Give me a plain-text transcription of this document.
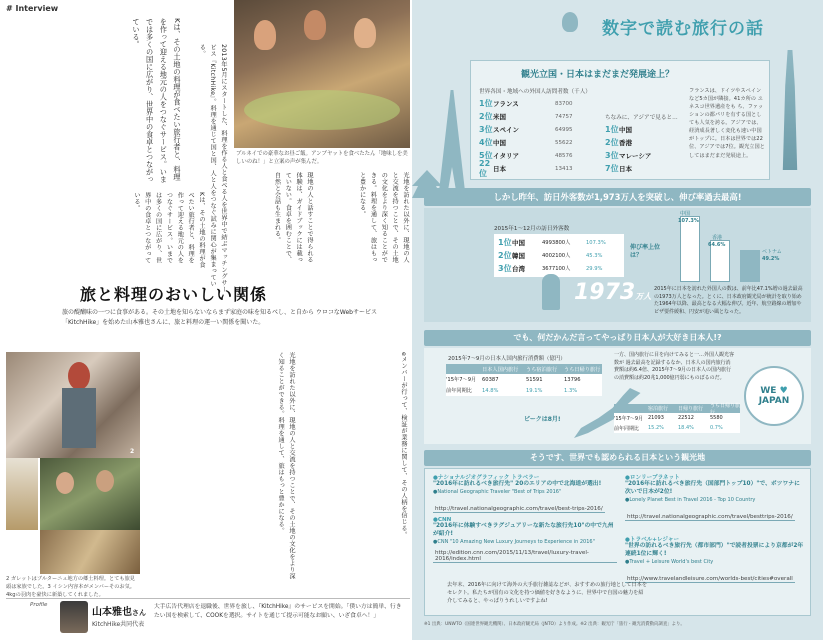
# Interview
2013年5月にスタートした、料理を作る人と食べる人を世界中で結ぶマッチングサービス『KitchHike』。料理を通じて国と国、人と人をつなぐ試みに関心が集まっている。
Kは、その土地の料理が食べたい旅行者と、料理を作って迎える地元の人をつなぐサービス。いまでは多くの国に広がり、世界中の食卓とつながっている。
ブルネイでの豪華なお昼ご飯。アンブヤットを食べたたん「地味しを美しいのね！」と立案の声が集んだ。
光地を訪れた以外に、現地の人と交流を持つことで、その土地の文化をより深く知ることができる。料理を通して、旅はもっと豊かになる。
現地の人と話すことで得られる体験は、ガイドブックには載っていない。食卓を囲むことで、自然と会話も生まれる。
Kは、その土地の料理が食べたい旅行者と、料理を作って迎える地元の人をつなぐサービス。いまでは多くの国に広がり、世界中の食卓とつながっている。
旅と料理のおいしい関係
旅の醍醐味の一つに食事がある。その土地を知らないならまず家庭の味を知るべし、と自から ウロコなWebサービス「KitchHike」を始めた山本雅也さんに、旅と料理の運一い関係を聞いた。
2
2 ガレットはブルターニュ地方の郷土料理。とても旅見頭は家族でした。3 イシン内容本がメンバーそのお気。4kgの羽肉を豪快に新築してくれました。
eメンバーが行って、検証が業務に関して、その人柄を信じる。
光地を訪れた以外に、現地の人と交流を持つことで、その土地の文化をより深く知ることができる。料理を通して、旅はもっと豊かになる。
Profile
山本雅也さん
KitchHike共同代表
大手広告代理店を退職後、世界を旅し、『KitchHike』のサービスを開始。「僕い方は簡単、行きたい国を検索して、COOKを選択。サイトを通じて提示可能なお願い、いざ食卓へ！」
数字で読む旅行の話
観光立国・日本はまだまだ発展途上？
世界各国・地域への外国人訪問者数（千人）
1位 フランス	83700
2位 米国	74757
3位 スペイン	64995
4位 中国	55622
5位 イタリア	48576
22位 日本	13413
ちなみに、アジアで見ると…
1位 中国
2位 香港
3位 マレーシア
7位 日本
フランスは、ドイツやスペインなど5カ国が隣接。41カ所の ユネスコ世界遺産をも ち、ファッションの都パリを有する国としても人気を誇る。アジアでは、経済成長著しく変化も速い中国がトップに。日本は世界では22位、アジアでは7位。観光立国としてはまだまだ発展途上。
しかし昨年、訪日外客数が1,973万人を突破し、伸び率過去最高!
2015年1〜12月の訪日外客数
1位 中国	4993800人	107.3%
2位 韓国	4002100人	45.3%
3位 台湾	3677100人	29.9%
伸び率上位は？
中国
107.3%
香港
64.6%
ベトナム
49.2%
1973万人
2015年に日本を訪れた外国人の数は、前年比47.1%増の過去最高の1973万人となった。とくに、日本政府観光局が統計を取り始めた1964年以降、最高となる大幅な伸び。近年、航空路線の増加やビザ要件緩和、円安が追い風となった。
でも、何だかんだ言ってやっぱり日本人が大好き日本人!?
2015年7〜9月の日本人国内旅行消費額（億円）
日本人国内旅行	うち宿泊旅行	うち日帰り旅行
'15年7〜9月	60387	51591	13796
前年同期比	14.8%	19.1%	1.3%
ピークは8月!
一方、国内旅行に目を向けてみると一…外国人観光客数が 過去最高を記録するなか、日本人の国内旅行消費額は約6.4倍、2015年7〜9月の日本人の国内旅行の消費額は約20兆1,000億円弱にものぼるのだ。
宿泊旅行	日帰り旅行
うち日帰り旅行
'15年7〜9月 21093	22512	5580
前年同期比	15.2%	18.4%	0.7%
WE ♥
JAPAN
そうです、世界でも認められる日本という観光地
●ナショナルジオグラフィック トラベラー
"2016年に訪れるべき旅行先" 20のエリアの中で北海道が選出!
●National Geographic Traveler "Best of Trips 2016"
http://travel.nationalgeographic.com/travel/best-trips-2016/
●ロンリープラネット
"2016年に訪れるべき旅行先（国部門トップ10）"で、ボツワナに次いで日本が2位!
●Lonely Planet Best in Travel 2016 - Top 10 Country
http://travel.nationalgeographic.com/travel/besttrips-2016/
●CNN
"2016年に体験すべきラグジュアリーな新たな旅行先10"の中で九州が紹介!
●CNN "10 Amazing New Luxury Journeys to Experience in 2016"
http://edition.cnn.com/2015/11/13/travel/luxury-travel-2016/index.html
●トラベル+レジャー
"世界の訪れるべき旅行先（都市部門）"で読者投票により京都が2年連続1位に輝く!
●Travel + Leisure World's best City
http://www.travelandleisure.com/worlds-best/cities#overall
去年末、2016年に向けて海外の大手旅行雑誌などが、おすすめの旅行地として日本をセレクト。私たちが国有の文化を持つ価値を好きなように、世界中で自国の魅力を紹介してみると、やっぱりうれしいですよね!
※1 出典：UNWTO（国連世界観光機関）、日本政府観光局（JNTO）より作成。※2 出典：観光庁「旅行・観光消費動向調査」より。
